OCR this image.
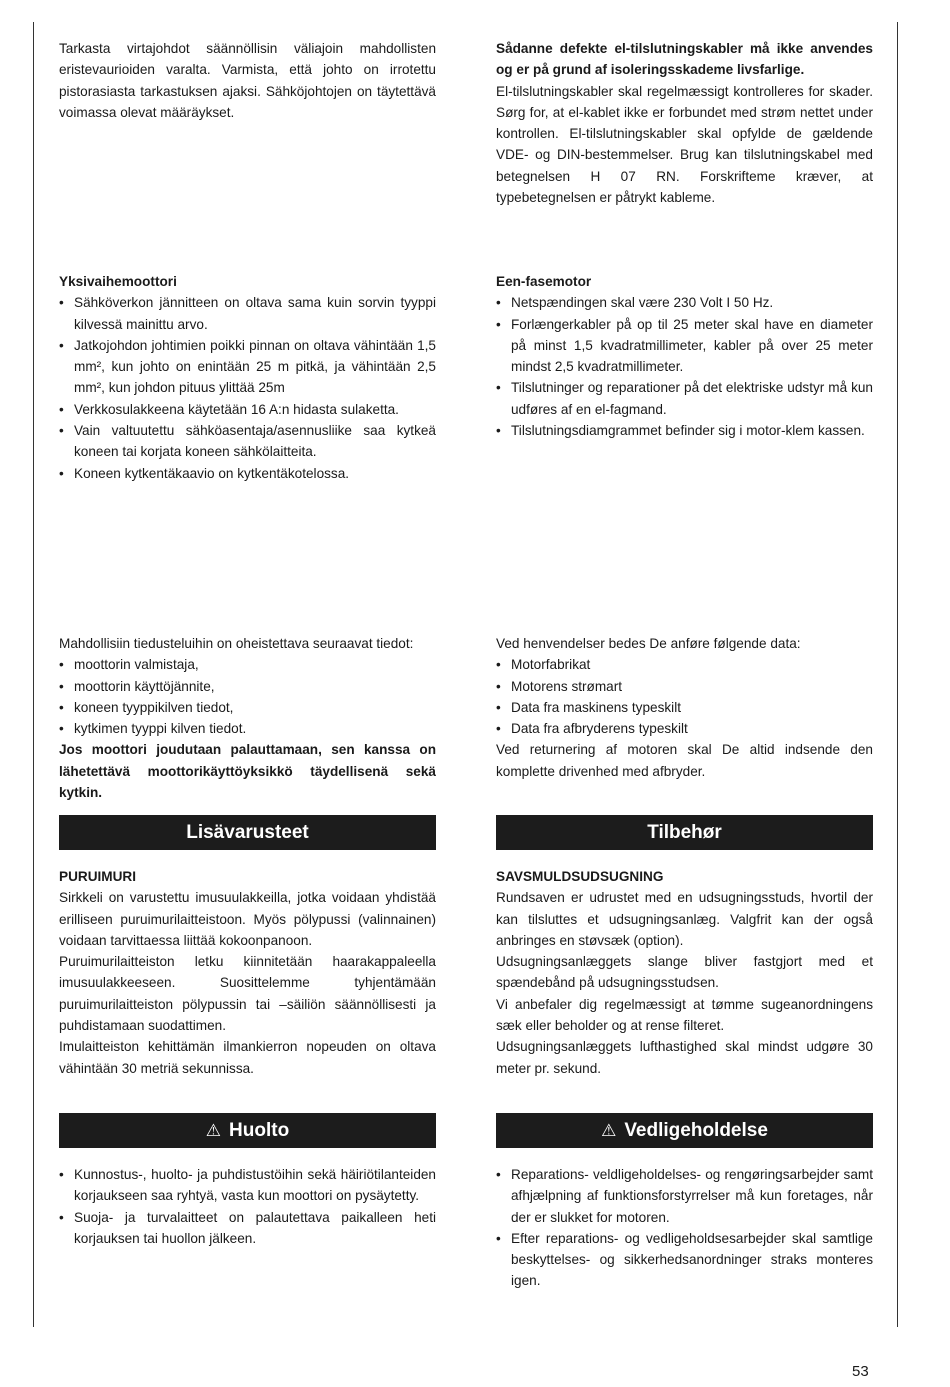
Tarkasta virtajohdot säännöllisin väliajoin mahdollisten eristevaurioiden varalta. Varmista, että johto on irrotettu pistorasiasta tarkastuksen ajaksi. Sähköjohtojen on täytettävä voimassa olevat määräykset.

Sådanne defekte el-tilslutningskabler må ikke anvendes og er på grund af isoleringsskademe livsfarlige.

El-tilslutningskabler skal regelmæssigt kontrolleres for skader. Sørg for, at el-kablet ikke er forbundet med strøm nettet under kontrollen. El-tilslutningskabler skal opfylde de gældende VDE- og DIN-bestemmelser. Brug kan tilslutningskabel med betegnelsen H 07 RN. Forskrifteme kræver, at typebetegnelsen er påtrykt kableme.

Yksivaihemoottori

• Sähköverkon jännitteen on oltava sama kuin sorvin tyyppi kilvessä mainittu arvo.
• Jatkojohdon johtimien poikki pinnan on oltava vähintään 1,5 mm², kun johto on enintään 25 m pitkä, ja vähintään 2,5 mm², kun johdon pituus ylittää 25m
• Verkkosulakkeena käytetään 16 A:n hidasta sulaketta.
• Vain valtuutettu sähköasentaja/asennusliike saa kytkeä koneen tai korjata koneen sähkölaitteita.
• Koneen kytkentäkaavio on kytkentäkotelossa.

Een-fasemotor

• Netspændingen skal være 230 Volt I 50 Hz.
• Forlængerkabler på op til 25 meter skal have en diameter på minst 1,5 kvadratmillimeter, kabler på over 25 meter mindst 2,5 kvadratmillimeter.
• Tilslutninger og reparationer på det elektriske udstyr må kun udføres af en el-fagmand.
• Tilslutningsdiamgrammet befinder sig i motor-klem kassen.

Mahdollisiin tiedusteluihin on oheistettava seuraavat tiedot:

• moottorin valmistaja,
• moottorin käyttöjännite,
• koneen tyyppikilven tiedot,
• kytkimen tyyppi kilven tiedot.

Jos moottori joudutaan palauttamaan, sen kanssa on lähetettävä moottorikäyttöyksikkö täydellisenä sekä kytkin.

Ved henvendelser bedes De anføre følgende data:

• Motorfabrikat
• Motorens strømart
• Data fra maskinens typeskilt
• Data fra afbryderens typeskilt

Ved returnering af motoren skal De altid indsende den komplette drivenhed med afbryder.

Lisävarusteet	Tilbehør

PURUIMURI

Sirkkeli on varustettu imusuulakkeilla, jotka voidaan yhdistää erilliseen puruimurilaitteistoon. Myös pölypussi (valinnainen) voidaan tarvittaessa liittää kokoonpanoon.

Puruimurilaitteiston letku kiinnitetään haarakappaleella imusuulakkeeseen. Suosittelemme tyhjentämään puruimurilaitteiston pölypussin tai –säiliön säännöllisesti ja puhdistamaan suodattimen.

Imulaitteiston kehittämän ilmankierron nopeuden on oltava vähintään 30 metriä sekunnissa.

SAVSMULDSUDSUGNING

Rundsaven er udrustet med en udsugningsstuds, hvortil der kan tilsluttes et udsugningsanlæg. Valgfrit kan der også anbringes en støvsæk (option).

Udsugningsanlæggets slange bliver fastgjort med et spændebånd på udsugningsstudsen.

Vi anbefaler dig regelmæssigt at tømme sugeanordningens sæk eller beholder og at rense filteret.

Udsugningsanlæggets lufthastighed skal mindst udgøre 30 meter pr. sekund.

⚠ Huolto	⚠ Vedligeholdelse
• Kunnostus-, huolto- ja puhdistustöihin sekä häiriötilanteiden korjaukseen saa ryhtyä, vasta kun moottori on pysäytetty.
• Suoja- ja turvalaitteet on palautettava paikalleen heti korjauksen tai huollon jälkeen.
• Reparations- veldligeholdelses- og rengøringsarbejder samt afhjælpning af funktionsforstyrrelser må kun foretages, når der er slukket for motoren.
• Efter reparations- og vedligeholdsesarbejder skal samtlige beskyttelses- og sikkerhedsanordninger straks monteres igen.
53
